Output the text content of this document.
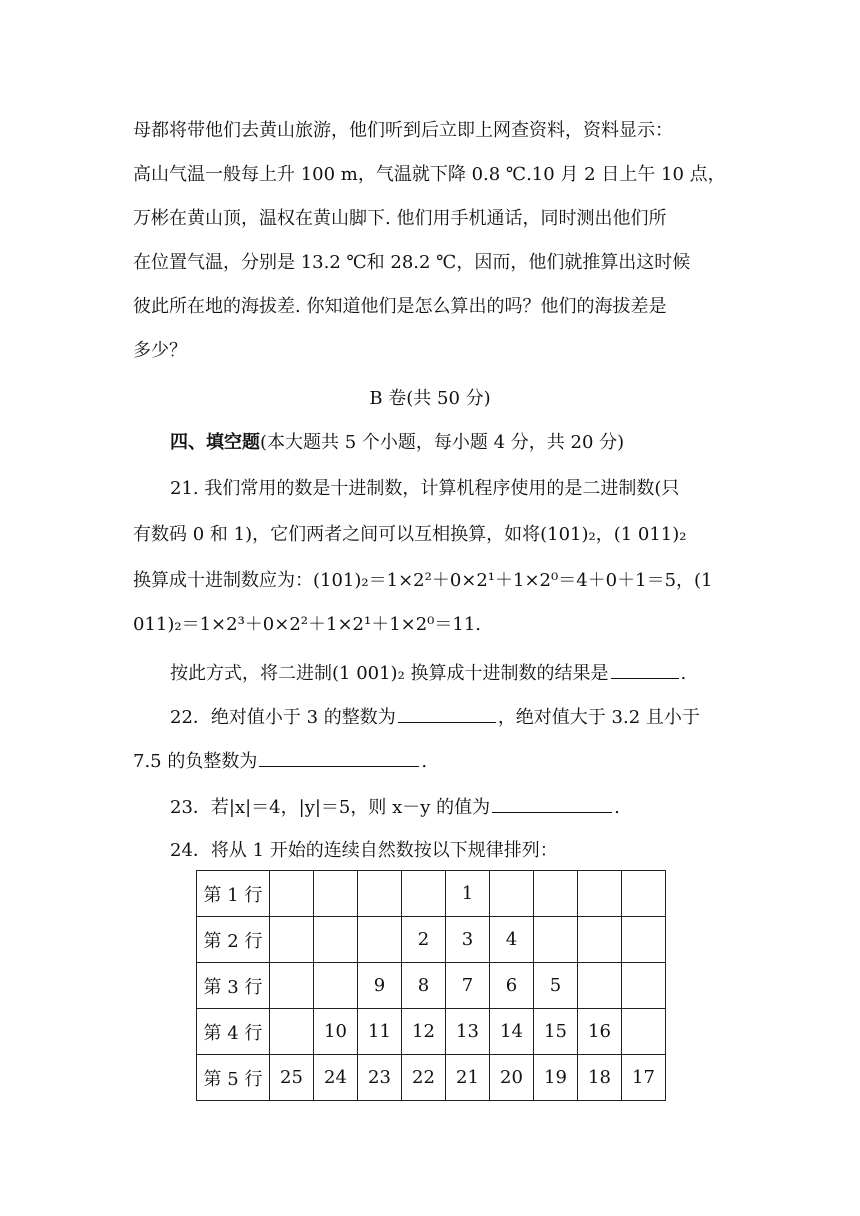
母都将带他们去黄山旅游，他们听到后立即上网查资料，资料显示：
高山气温一般每上升 100 m，气温就下降 0.8 ℃.10 月 2 日上午 10 点，
万彬在黄山顶，温权在黄山脚下. 他们用手机通话，同时测出他们所
在位置气温，分别是 13.2 ℃和 28.2 ℃，因而，他们就推算出这时候
彼此所在地的海拔差. 你知道他们是怎么算出的吗？他们的海拔差是
多少？
B 卷(共 50 分)
四、填空题(本大题共 5 个小题，每小题 4 分，共 20 分)
21. 我们常用的数是十进制数，计算机程序使用的是二进制数(只
有数码 0 和 1)，它们两者之间可以互相换算，如将(101)₂，(1 011)₂
换算成十进制数应为：(101)₂＝1×2²＋0×2¹＋1×2⁰＝4＋0＋1＝5，(1
011)₂＝1×2³＋0×2²＋1×2¹＋1×2⁰＝11.
按此方式，将二进制(1 001)₂ 换算成十进制数的结果是	.
22．绝对值小于 3 的整数为	，绝对值大于 3.2 且小于
7.5 的负整数为	.
23．若|x|＝4，|y|＝5，则 x－y 的值为	.
24．将从 1 开始的连续自然数按以下规律排列：
第 1 行					1				
第 2 行				2	3	4			
第 3 行			9	8	7	6	5		
第 4 行		10	11	12	13	14	15	16	
第 5 行	25	24	23	22	21	20	19	18	17
